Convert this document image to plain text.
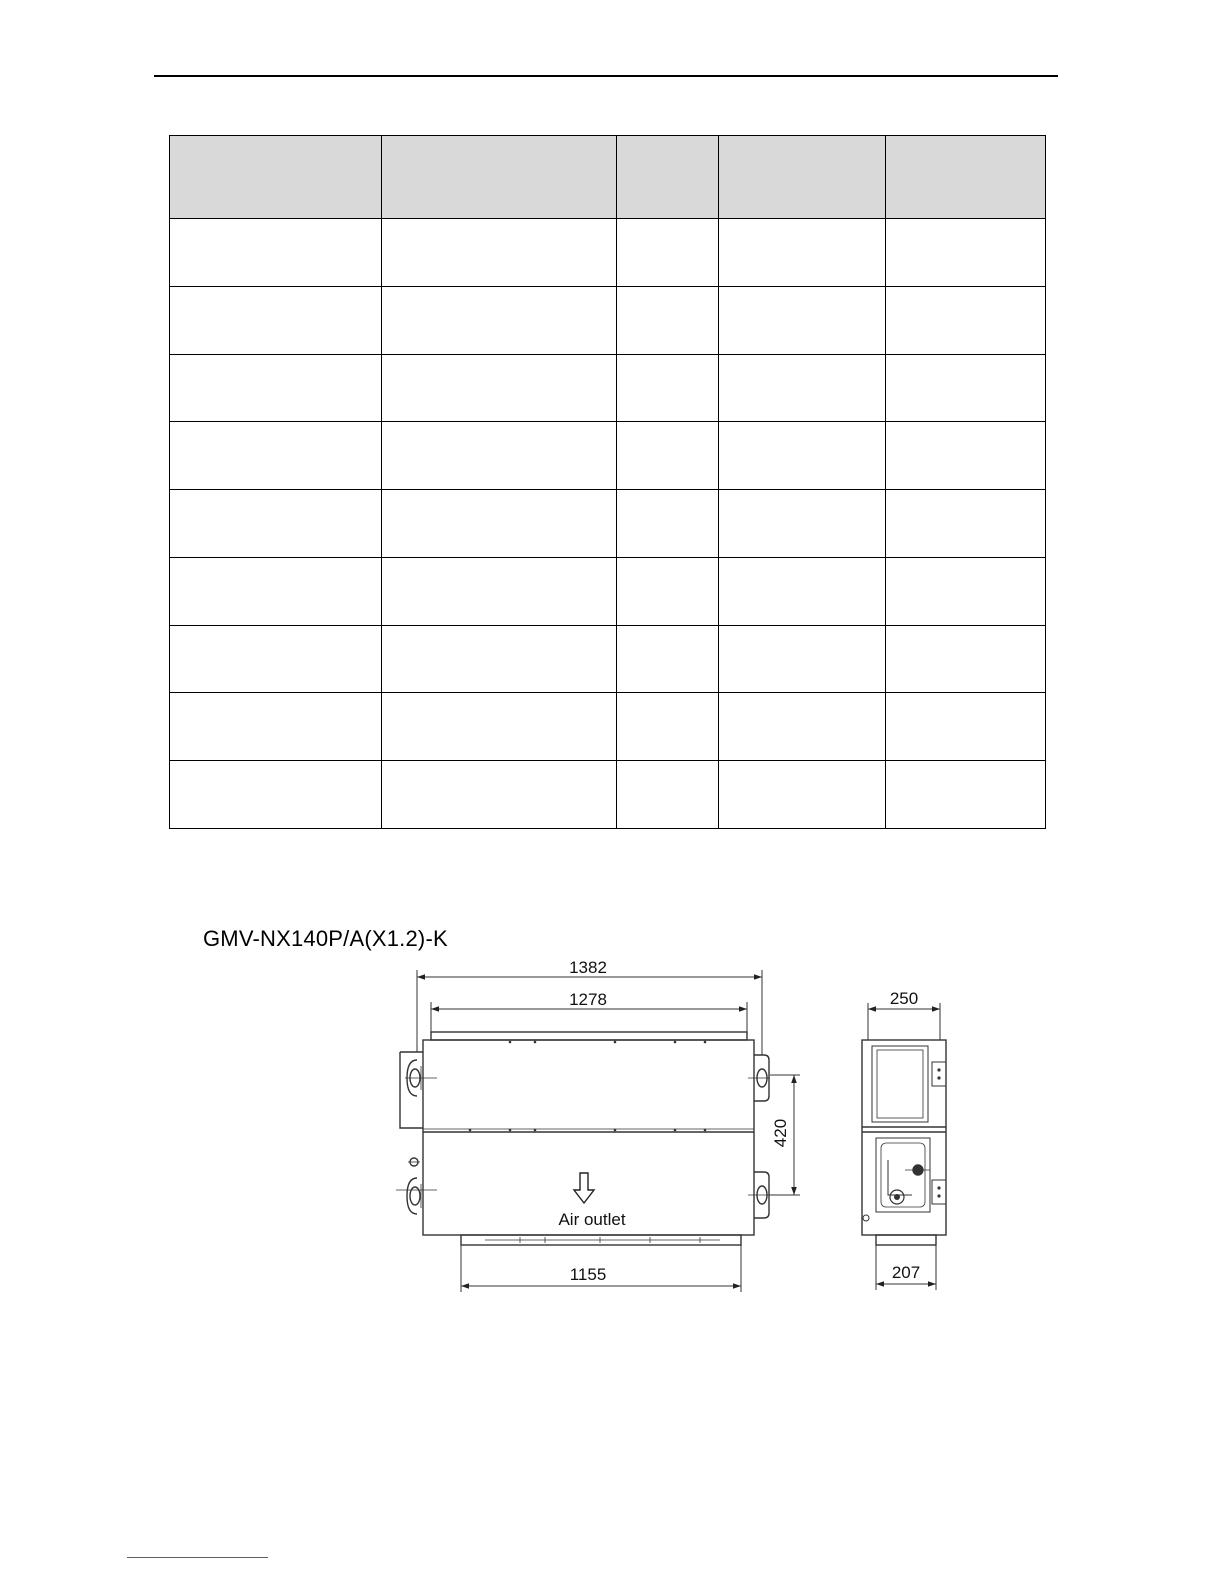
GMV-NX140P/A(X1.2)-K
Air outlet
1382
1278
1155
420
250
207
